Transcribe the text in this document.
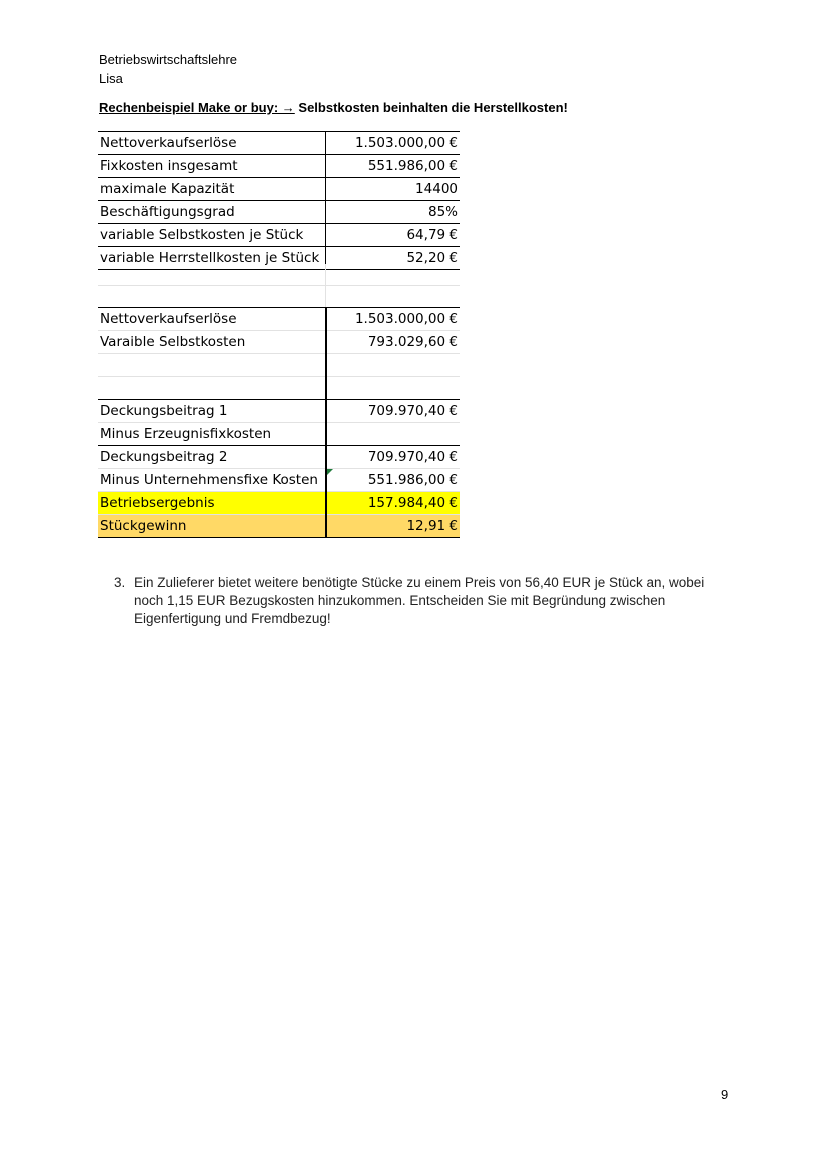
Betriebswirtschaftslehre
Lisa
Rechenbeispiel Make or buy: → Selbstkosten beinhalten die Herstellkosten!
Nettoverkaufserlöse	1.503.000,00 €
Fixkosten insgesamt	551.986,00 €
maximale Kapazität	14400
Beschäftigungsgrad	85%
variable Selbstkosten je Stück	64,79 €
variable Herrstellkosten je Stück	52,20 €
Nettoverkaufserlöse	1.503.000,00 €
Varaible Selbstkosten	793.029,60 €
Deckungsbeitrag 1	709.970,40 €
Minus Erzeugnisfixkosten
Deckungsbeitrag 2	709.970,40 €
Minus Unternehmensfixe Kosten	551.986,00 €
Betriebsergebnis	157.984,40 €
Stückgewinn	12,91 €
3. Ein Zulieferer bietet weitere benötigte Stücke zu einem Preis von 56,40 EUR je Stück an, wobei noch 1,15 EUR Bezugskosten hinzukommen. Entscheiden Sie mit Begründung zwischen Eigenfertigung und Fremdbezug!
9
